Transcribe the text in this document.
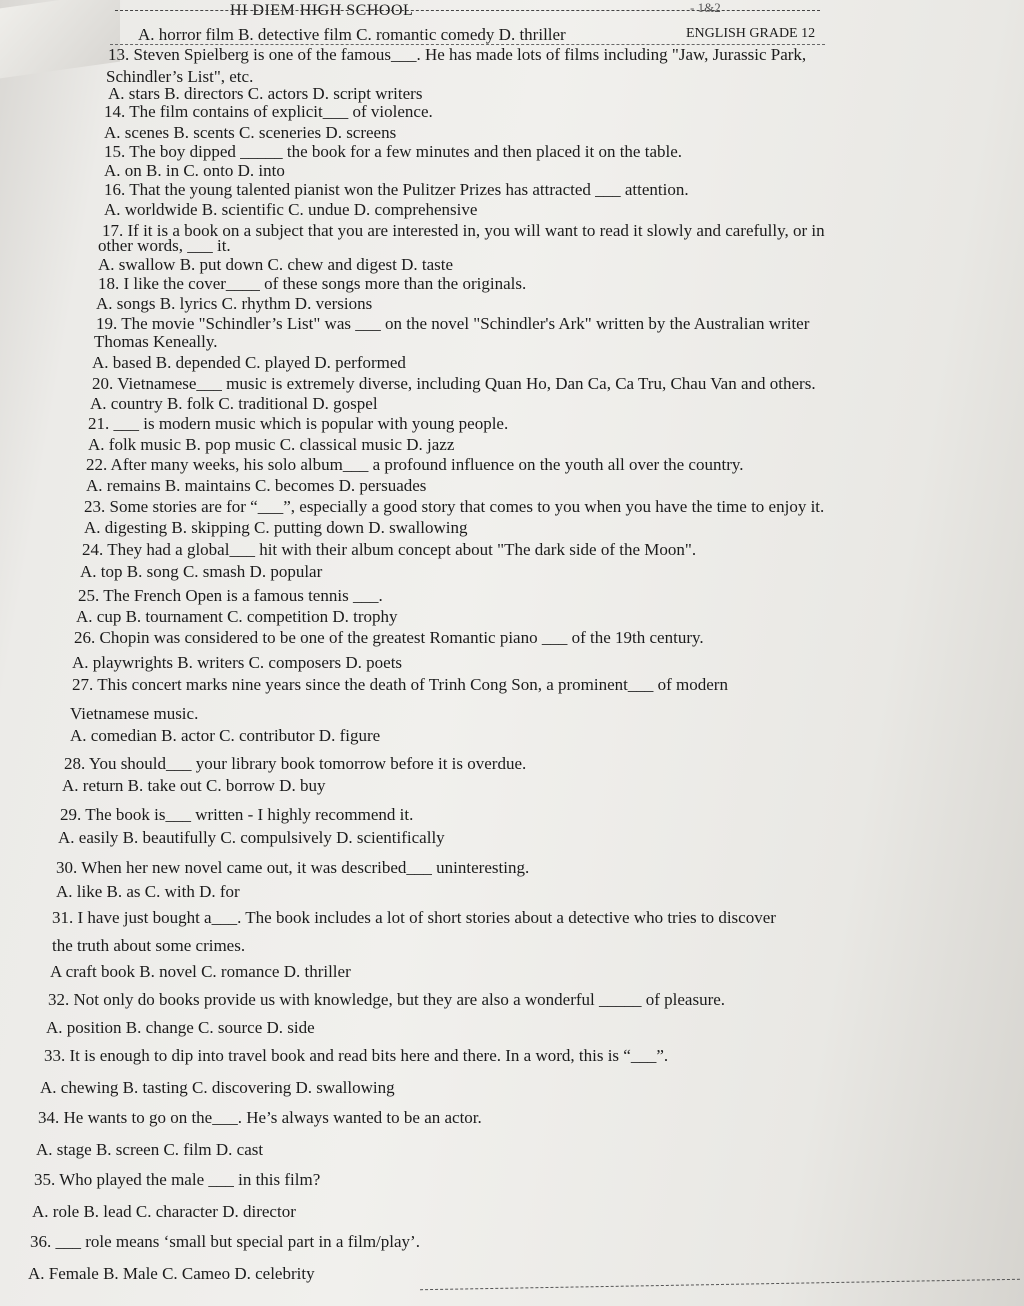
HI DIEM HIGH SCHOOL	- 1&2
ENGLISH GRADE 12
A. horror film B. detective film C. romantic comedy D. thriller
13. Steven Spielberg is one of the famous___. He has made lots of films including "Jaw, Jurassic Park,
Schindler’s List", etc.
A. stars B. directors C. actors D. script writers
14. The film contains of explicit___ of violence.
A. scenes B. scents C. sceneries D. screens
15. The boy dipped _____ the book for a few minutes and then placed it on the table.
A. on B. in C. onto D. into
16. That the young talented pianist won the Pulitzer Prizes has attracted ___ attention.
A. worldwide B. scientific C. undue D. comprehensive
17. If it is a book on a subject that you are interested in, you will want to read it slowly and carefully, or in
other words, ___ it.
A. swallow B. put down C. chew and digest D. taste
18. I like the cover____ of these songs more than the originals.
A. songs B. lyrics C. rhythm D. versions
19. The movie "Schindler’s List" was ___ on the novel "Schindler's Ark" written by the Australian writer
Thomas Keneally.
A. based B. depended C. played D. performed
20. Vietnamese___ music is extremely diverse, including Quan Ho, Dan Ca, Ca Tru, Chau Van and others.
A. country B. folk C. traditional D. gospel
21. ___ is modern music which is popular with young people.
A. folk music B. pop music C. classical music D. jazz
22. After many weeks, his solo album___ a profound influence on the youth all over the country.
A. remains B. maintains C. becomes D. persuades
23. Some stories are for “___”, especially a good story that comes to you when you have the time to enjoy it.
A. digesting B. skipping C. putting down D. swallowing
24. They had a global___ hit with their album concept about "The dark side of the Moon".
A. top B. song C. smash D. popular
25. The French Open is a famous tennis ___.
A. cup B. tournament C. competition D. trophy
26. Chopin was considered to be one of the greatest Romantic piano ___ of the 19th century.
A. playwrights B. writers C. composers D. poets
27. This concert marks nine years since the death of Trinh Cong Son, a prominent___ of modern
Vietnamese music.
A. comedian B. actor C. contributor D. figure
28. You should___ your library book tomorrow before it is overdue.
A. return B. take out C. borrow D. buy
29. The book is___ written - I highly recommend it.
A. easily B. beautifully C. compulsively D. scientifically
30. When her new novel came out, it was described___ uninteresting.
A. like B. as C. with D. for
31. I have just bought a___. The book includes a lot of short stories about a detective who tries to discover
the truth about some crimes.
A craft book B. novel C. romance D. thriller
32. Not only do books provide us with knowledge, but they are also a wonderful _____ of pleasure.
A. position B. change C. source D. side
33. It is enough to dip into travel book and read bits here and there. In a word, this is “___”.
A. chewing B. tasting C. discovering D. swallowing
34. He wants to go on the___. He’s always wanted to be an actor.
A. stage B. screen C. film D. cast
35. Who played the male ___ in this film?
A. role B. lead C. character D. director
36. ___ role means ‘small but special part in a film/play’.
A. Female B. Male C. Cameo D. celebrity
